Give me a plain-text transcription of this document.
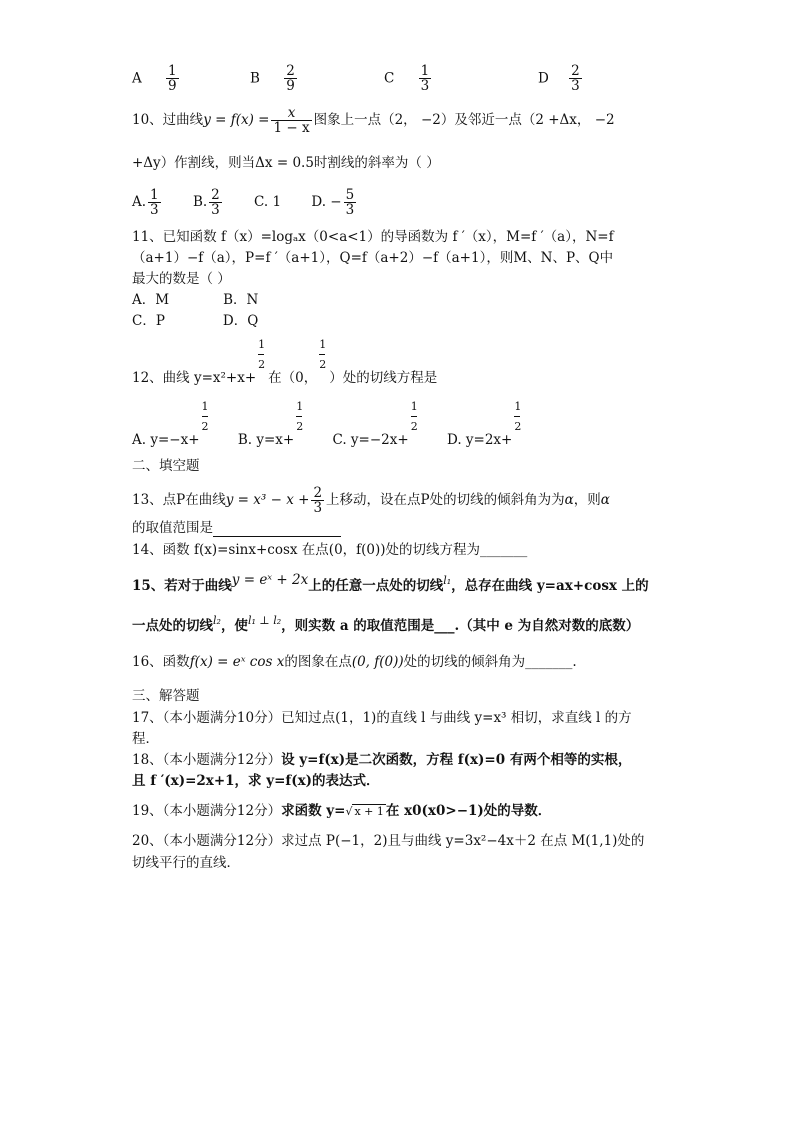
A $\frac{1}{9}$	B $\frac{2}{9}$	C $\frac{1}{3}$	D $\frac{2}{3}$
10、过曲线$y = f(x) = \frac{x}{1 - x}$ 图象上一点（2， −2）及邻近一点（2 +Δx， −2
+Δy）作割线，则当Δx = 0.5时割线的斜率为（ ）
A. $\frac{1}{3} B$. $\frac{2}{3} C$. 1 D. − $\frac{5}{3}$
11、已知函数 f（x）=logₐx（0<a<1）的导函数为 f ′（x），M=f ′（a），N=f
（a+1）−f（a），P=f ′（a+1），Q=f（a+2）−f（a+1），则M、N、P、Q中
最大的数是（ ）
A．M	B．N
C．P	D．Q
12、曲线 $y=x^2+x+ \frac{1}{2}$ 在（0， $\frac{1}{2}$ ）处的切线方程是
A. $y=-x+ \frac{1}{2} B$. $y=x+ \frac{1}{2} C$. $y=-2x+ \frac{1}{2} D$. $y=2x+ \frac{1}{2}$
二、填空题
13、点P在曲线$y = x^3 - x + \frac{2}{3}$ 上移动，设在点P处的切线的倾斜角为为α，则α
的取值范围是
14、函数 f(x)=sinx+cosx 在点(0，f(0))处的切线方程为_______
15、若对于曲线y = eˣ + 2x上的任意一点处的切线$^{l_1}$，总存在曲线 y=ax+cosx 上的
一点处的切线$^{l_2}$，使$^{l_1 \perp l_2}$，则实数 a 的取值范围是___.（其中 e 为自然对数的底数）
16、函数f(x) = eˣ cos x的图象在点(0, f(0))处的切线的倾斜角为_______.
三、解答题
17、（本小题满分10分）已知过点(1，1)的直线 l 与曲线 y=x³ 相切，求直线 l 的方
程．
18、（本小题满分12分）设 y=f(x)是二次函数，方程 f(x)=0 有两个相等的实根，
且 f ′(x)=2x+1，求 y=f(x)的表达式．
19、（本小题满分12分）求函数 y=√ x + 1 在 x0(x0>−1)处的导数．
20、（本小题满分12分）求过点 P(−1，2)且与曲线 y=3x²−4x＋2 在点 M(1,1)处的
切线平行的直线．
